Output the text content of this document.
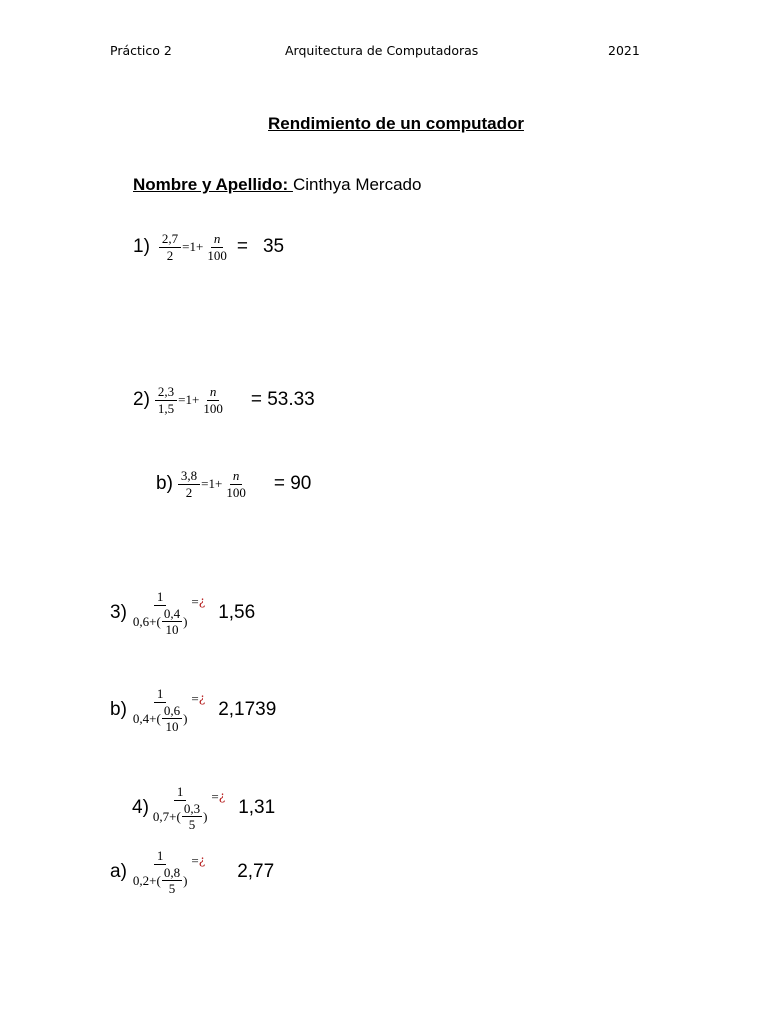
Práctico 2	Arquitectura de Computadoras	2021
Rendimiento de un computador
Nombre y Apellido: Cinthya Mercado
$1) \frac{2,7}{2} =1+ \frac{n}{100} = 35$
$2) \frac{2,3}{1,5} =1+ \frac{n}{100} = 53.33$
$b) \frac{3,8}{2} =1+ \frac{n}{100} = 90$
$3) \frac{1}{0,6+( \frac{0,4}{10} )}$ = ¿
1,56
$b) \frac{1}{0,4+( \frac{0,6}{10} )}$ = ¿
2,1739
$4) \frac{1}{0,7+( \frac{0,3}{5} )}$ = ¿
1,31
$a) \frac{1}{0,2+( \frac{0,8}{5} )}$ = ¿
2,77
